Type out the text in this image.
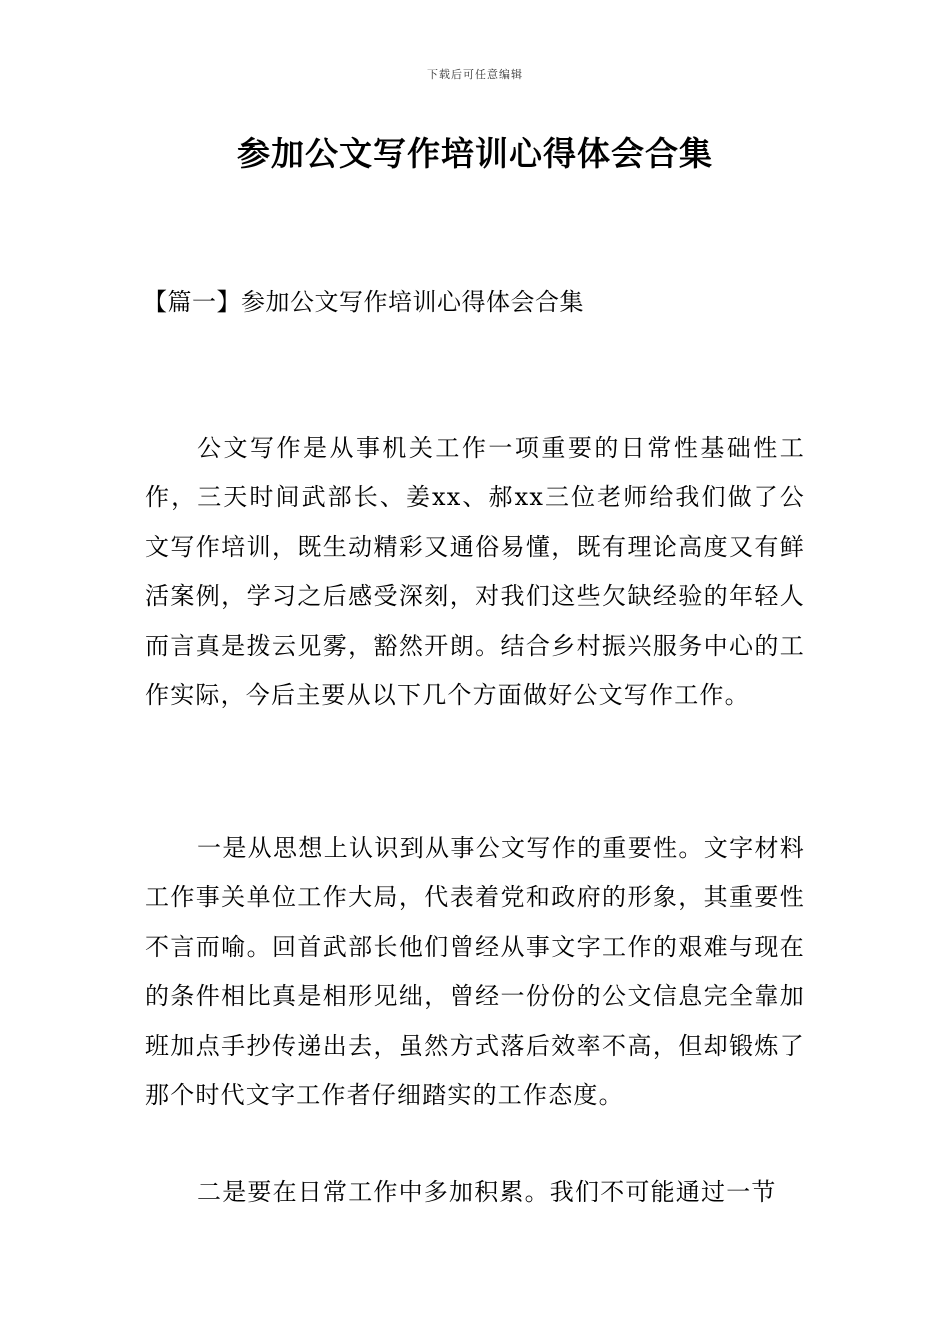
下载后可任意编辑
参加公文写作培训心得体会合集
【篇一】参加公文写作培训心得体会合集

公文写作是从事机关工作一项重要的日常性基础性工作，三天时间武部长、姜xx、郝xx三位老师给我们做了公文写作培训，既生动精彩又通俗易懂，既有理论高度又有鲜活案例，学习之后感受深刻，对我们这些欠缺经验的年轻人而言真是拨云见雾，豁然开朗。结合乡村振兴服务中心的工作实际，今后主要从以下几个方面做好公文写作工作。

一是从思想上认识到从事公文写作的重要性。文字材料工作事关单位工作大局，代表着党和政府的形象，其重要性不言而喻。回首武部长他们曾经从事文字工作的艰难与现在的条件相比真是相形见绌，曾经一份份的公文信息完全靠加班加点手抄传递出去，虽然方式落后效率不高，但却锻炼了那个时代文字工作者仔细踏实的工作态度。

二是要在日常工作中多加积累。我们不可能通过一节
